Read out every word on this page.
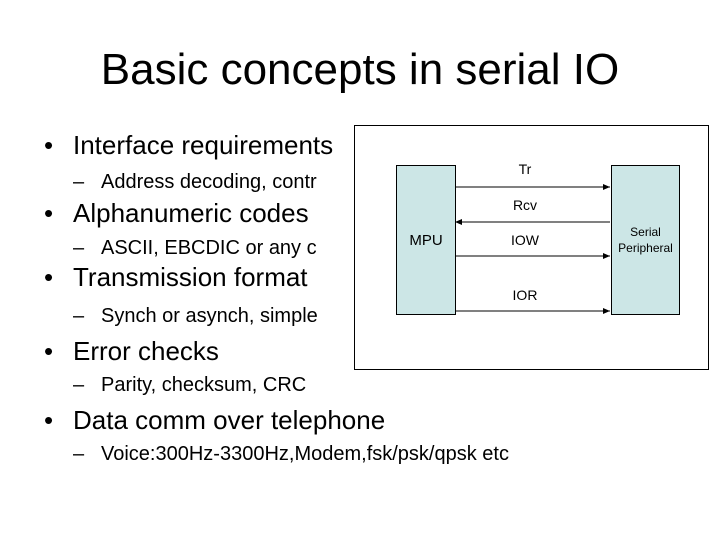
Basic concepts in serial IO
• Interface requirements
– Address decoding, contr
• Alphanumeric codes
– ASCII, EBCDIC or any c
• Transmission format
– Synch or asynch, simple
• Error checks
– Parity, checksum, CRC
• Data comm over telephone
– Voice:300Hz-3300Hz,Modem,fsk/psk/qpsk etc
MPU	Serial
Peripheral
Tr
Rcv
IOW
IOR
